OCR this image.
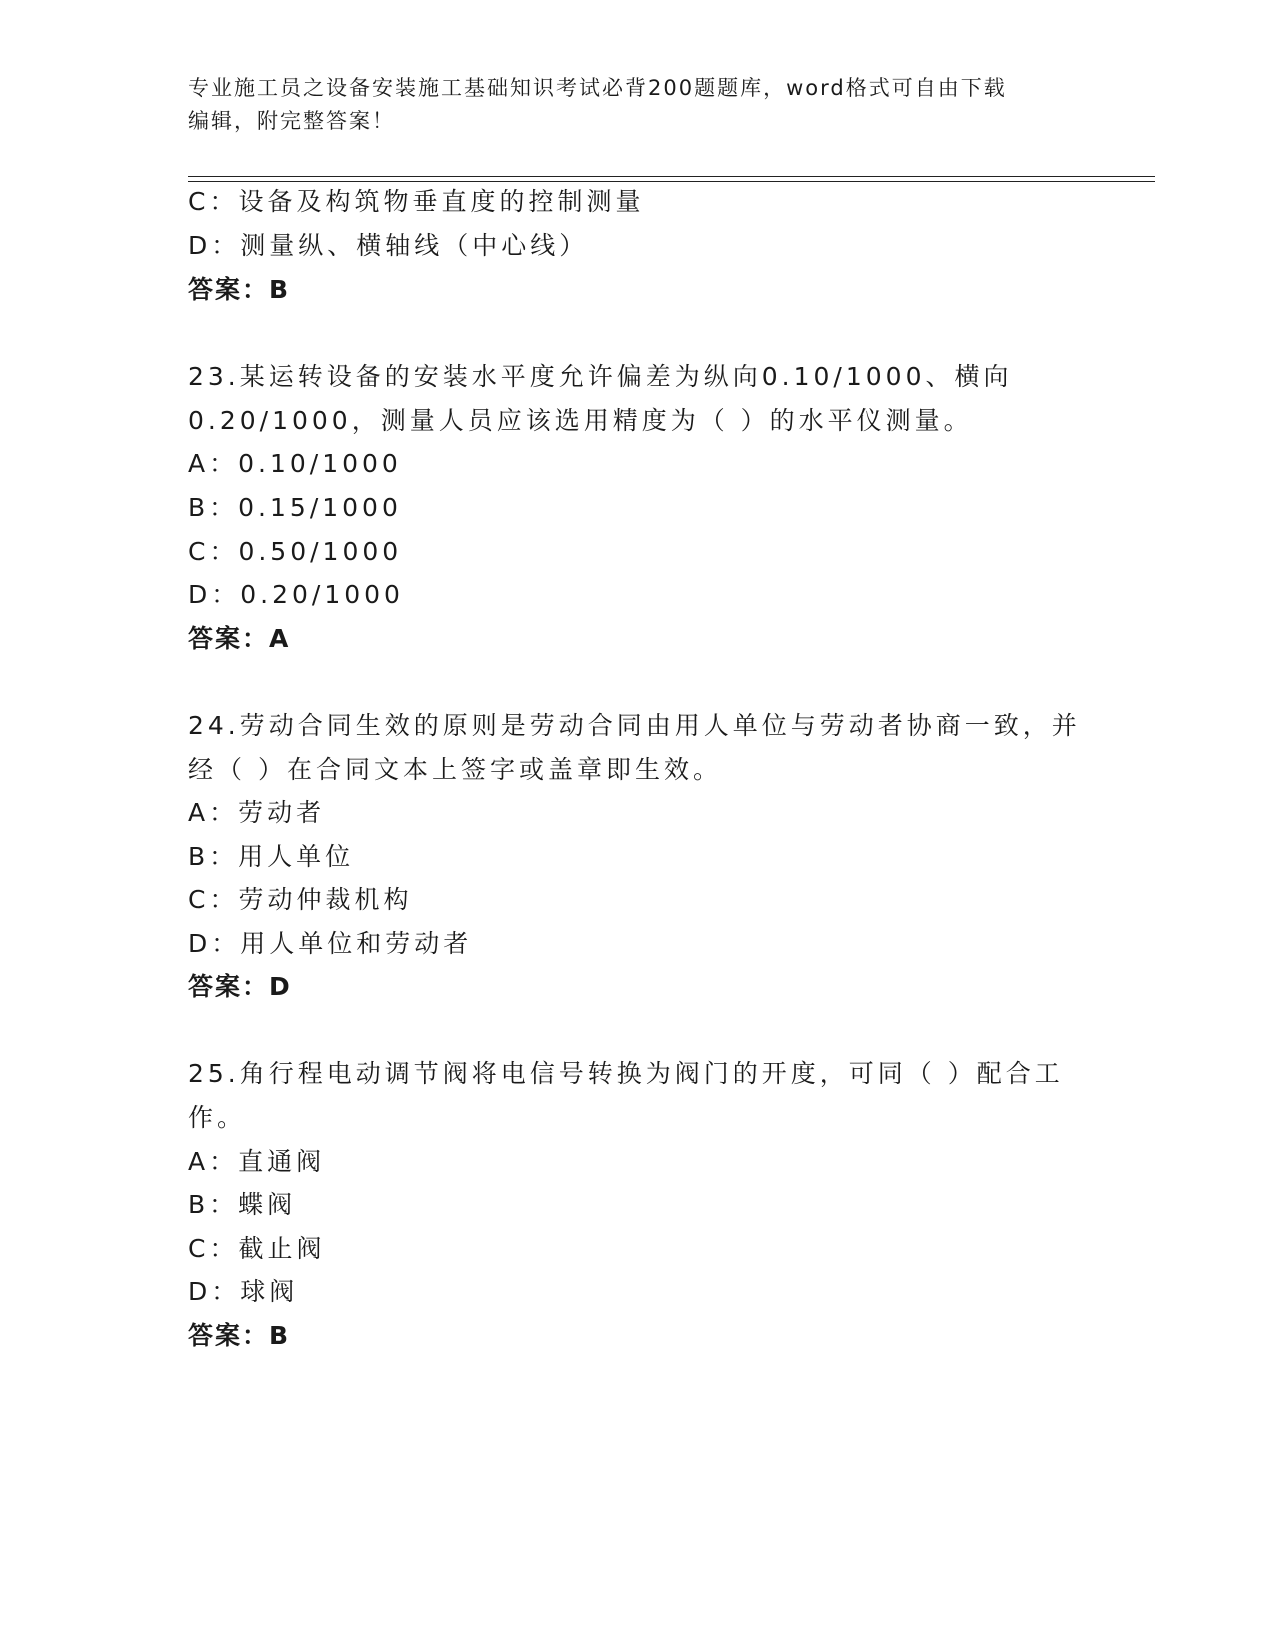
专业施工员之设备安装施工基础知识考试必背200题题库，word格式可自由下载
编辑，附完整答案！
C：设备及构筑物垂直度的控制测量
D：测量纵、横轴线（中心线）
答案：B
23.某运转设备的安装水平度允许偏差为纵向0.10/1000、横向
0.20/1000，测量人员应该选用精度为（ ）的水平仪测量。
A：0.10/1000
B：0.15/1000
C：0.50/1000
D：0.20/1000
答案：A
24.劳动合同生效的原则是劳动合同由用人单位与劳动者协商一致，并
经（ ）在合同文本上签字或盖章即生效。
A：劳动者
B：用人单位
C：劳动仲裁机构
D：用人单位和劳动者
答案：D
25.角行程电动调节阀将电信号转换为阀门的开度，可同（ ）配合工
作。
A：直通阀
B：蝶阀
C：截止阀
D：球阀
答案：B
